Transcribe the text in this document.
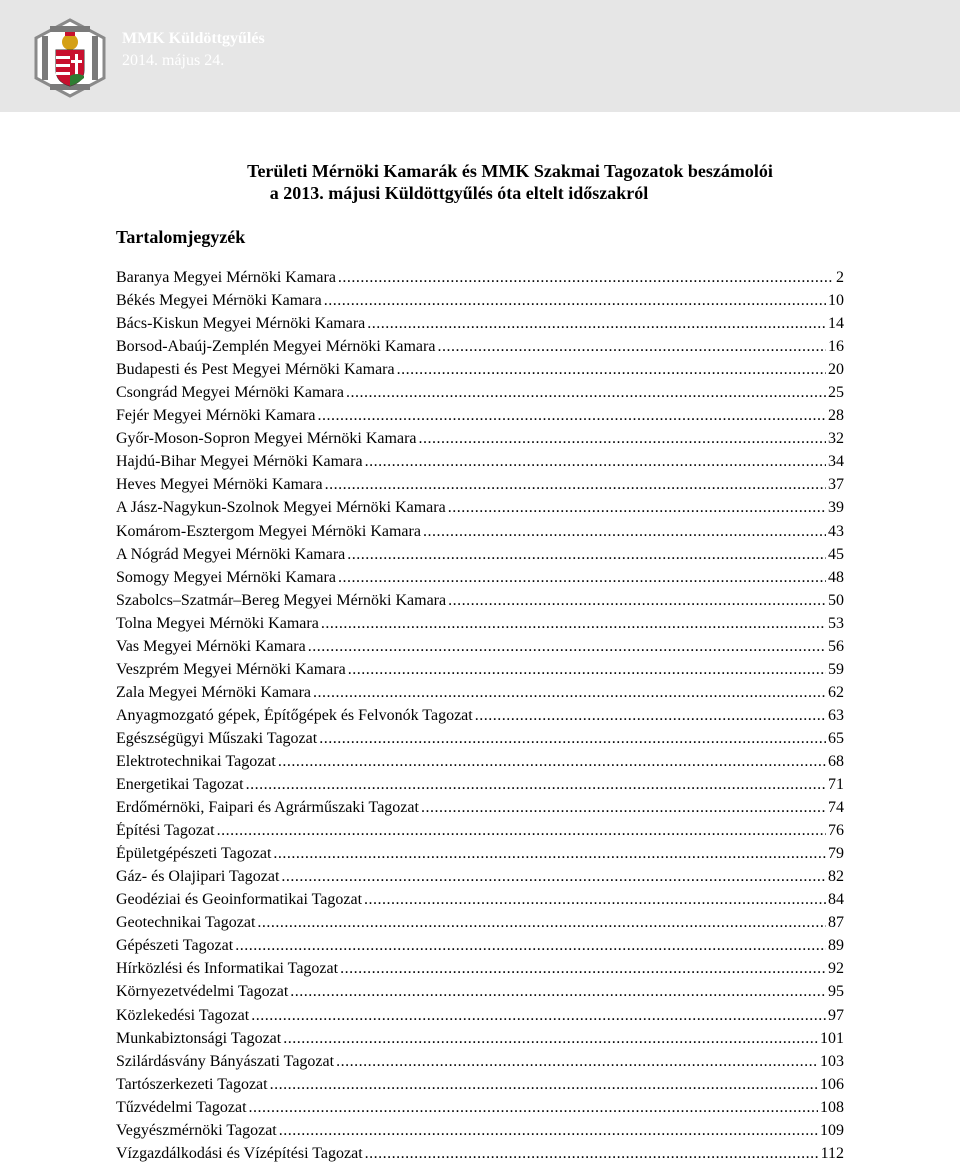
MMK Küldöttgyűlés
2014. május 24.
Területi Mérnöki Kamarák és MMK Szakmai Tagozatok beszámolói
a 2013. májusi Küldöttgyűlés óta eltelt időszakról
Tartalomjegyzék
Baranya Megyei Mérnöki Kamara .....	2
Békés Megyei Mérnöki Kamara .....	10
Bács-Kiskun Megyei Mérnöki Kamara .....	14
Borsod-Abaúj-Zemplén Megyei Mérnöki Kamara .....	16
Budapesti és Pest Megyei Mérnöki Kamara .....	20
Csongrád Megyei Mérnöki Kamara .....	25
Fejér Megyei Mérnöki Kamara .....	28
Győr-Moson-Sopron Megyei Mérnöki Kamara .....	32
Hajdú-Bihar Megyei Mérnöki Kamara .....	34
Heves Megyei Mérnöki Kamara .....	37
A Jász-Nagykun-Szolnok Megyei Mérnöki Kamara .....	39
Komárom-Esztergom Megyei Mérnöki Kamara .....	43
A Nógrád Megyei Mérnöki Kamara .....	45
Somogy Megyei Mérnöki Kamara .....	48
Szabolcs–Szatmár–Bereg Megyei Mérnöki Kamara .....	50
Tolna Megyei Mérnöki Kamara .....	53
Vas Megyei Mérnöki Kamara .....	56
Veszprém Megyei Mérnöki Kamara .....	59
Zala Megyei Mérnöki Kamara .....	62
Anyagmozgató gépek, Építőgépek és Felvonók Tagozat .....	63
Egészségügyi Műszaki Tagozat .....	65
Elektrotechnikai Tagozat .....	68
Energetikai Tagozat .....	71
Erdőmérnöki, Faipari és Agrárműszaki Tagozat .....	74
Építési Tagozat .....	76
Épületgépészeti Tagozat .....	79
Gáz- és Olajipari Tagozat .....	82
Geodéziai és Geoinformatikai Tagozat .....	84
Geotechnikai Tagozat .....	87
Gépészeti Tagozat .....	89
Hírközlési és Informatikai Tagozat .....	92
Környezetvédelmi Tagozat .....	95
Közlekedési Tagozat .....	97
Munkabiztonsági Tagozat .....	101
Szilárdásvány Bányászati Tagozat .....	103
Tartószerkezeti Tagozat .....	106
Tűzvédelmi Tagozat .....	108
Vegyészmérnöki Tagozat .....	109
Vízgazdálkodási és Vízépítési Tagozat .....	112
